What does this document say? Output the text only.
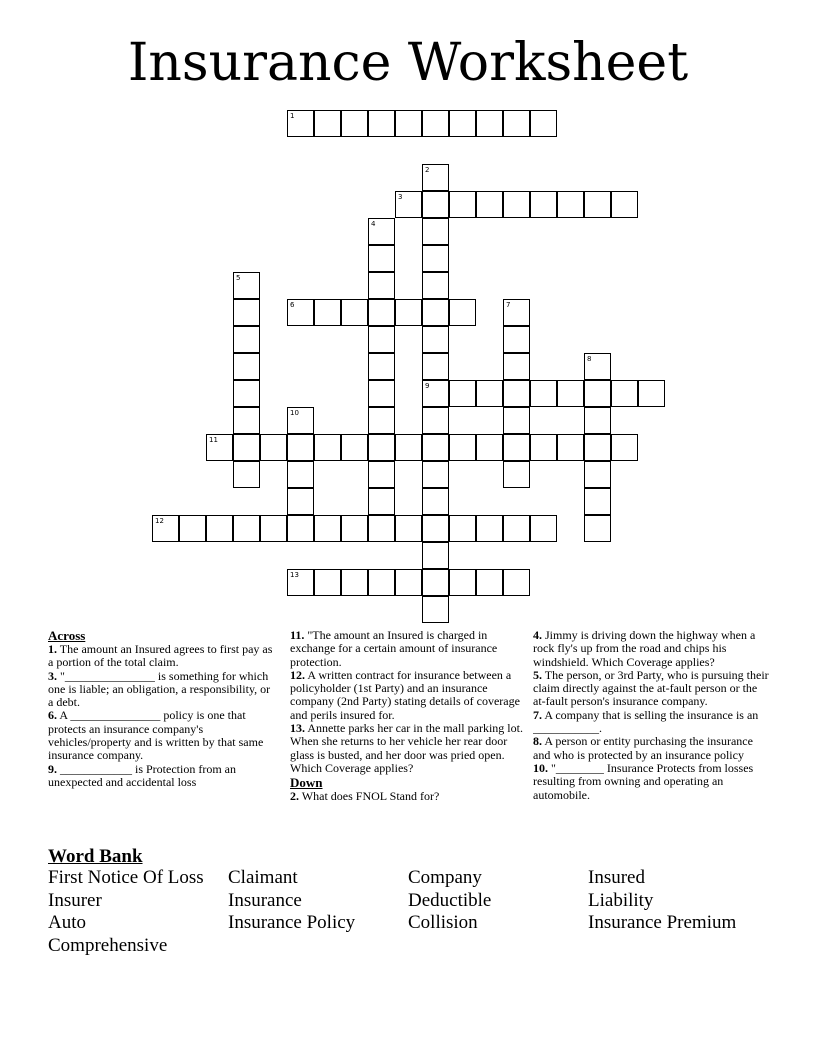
Insurance Worksheet
1
2
9
3
4
5
6	7
8
10
11
12
13
Across

1. The amount an Insured agrees to first pay as a portion of the total claim.

3. "_______________ is something for which one is liable; an obligation, a responsibility, or a debt.

6. A _______________ policy is one that protects an insurance company's vehicles/property and is written by that same insurance company.

9. ____________ is Protection from an unexpected and accidental loss

11. "The amount an Insured is charged in exchange for a certain amount of insurance protection.

12. A written contract for insurance between a policyholder (1st Party) and an insurance company (2nd Party) stating details of coverage and perils insured for.

13. Annette parks her car in the mall parking lot. When she returns to her vehicle her rear door glass is busted, and her door was pried open. Which Coverage applies?

Down

2. What does FNOL Stand for?

4. Jimmy is driving down the highway when a rock fly's up from the road and chips his windshield. Which Coverage applies?

5. The person, or 3rd Party, who is pursuing their claim directly against the at-fault person or the at-fault person's insurance company.

7. A company that is selling the insurance is an ___________.

8. A person or entity purchasing the insurance and who is protected by an insurance policy

10. "________ Insurance Protects from losses resulting from owning and operating an automobile.

Word Bank
First Notice Of Loss	Claimant	Company	Insured
Insurer	Insurance	Deductible	Liability
Auto	Insurance Policy	Collision	Insurance Premium
Comprehensive
